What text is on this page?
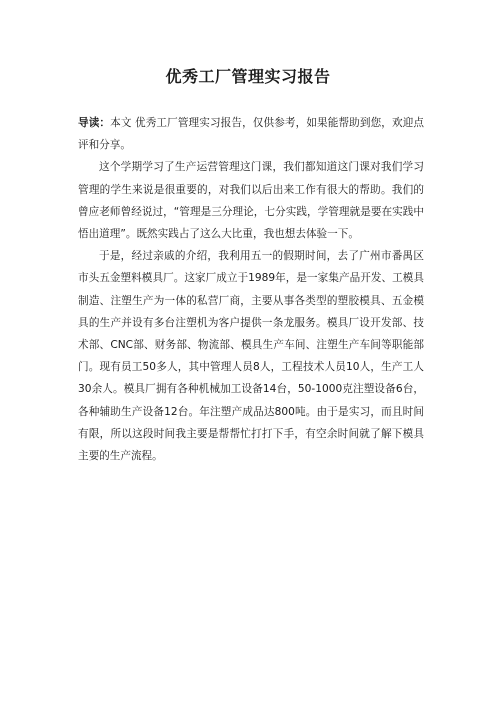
优秀工厂管理实习报告

导读：本文 优秀工厂管理实习报告，仅供参考，如果能帮助到您，欢迎点评和分享。

这个学期学习了生产运营管理这门课，我们都知道这门课对我们学习管理的学生来说是很重要的，对我们以后出来工作有很大的帮助。我们的曾应老师曾经说过，“管理是三分理论，七分实践，学管理就是要在实践中悟出道理”。既然实践占了这么大比重，我也想去体验一下。

于是，经过亲戚的介绍，我利用五一的假期时间，去了广州市番禺区市头五金塑料模具厂。这家厂成立于1989年，是一家集产品开发、工模具制造、注塑生产为一体的私营厂商，主要从事各类型的塑胶模具、五金模具的生产并设有多台注塑机为客户提供一条龙服务。模具厂设开发部、技术部、CNC部、财务部、物流部、模具生产车间、注塑生产车间等职能部门。现有员工50多人，其中管理人员8人，工程技术人员10人，生产工人30余人。模具厂拥有各种机械加工设备14台，50-1000克注塑设备6台，各种辅助生产设备12台。年注塑产成品达800吨。由于是实习，而且时间有限，所以这段时间我主要是帮帮忙打打下手，有空余时间就了解下模具主要的生产流程。
